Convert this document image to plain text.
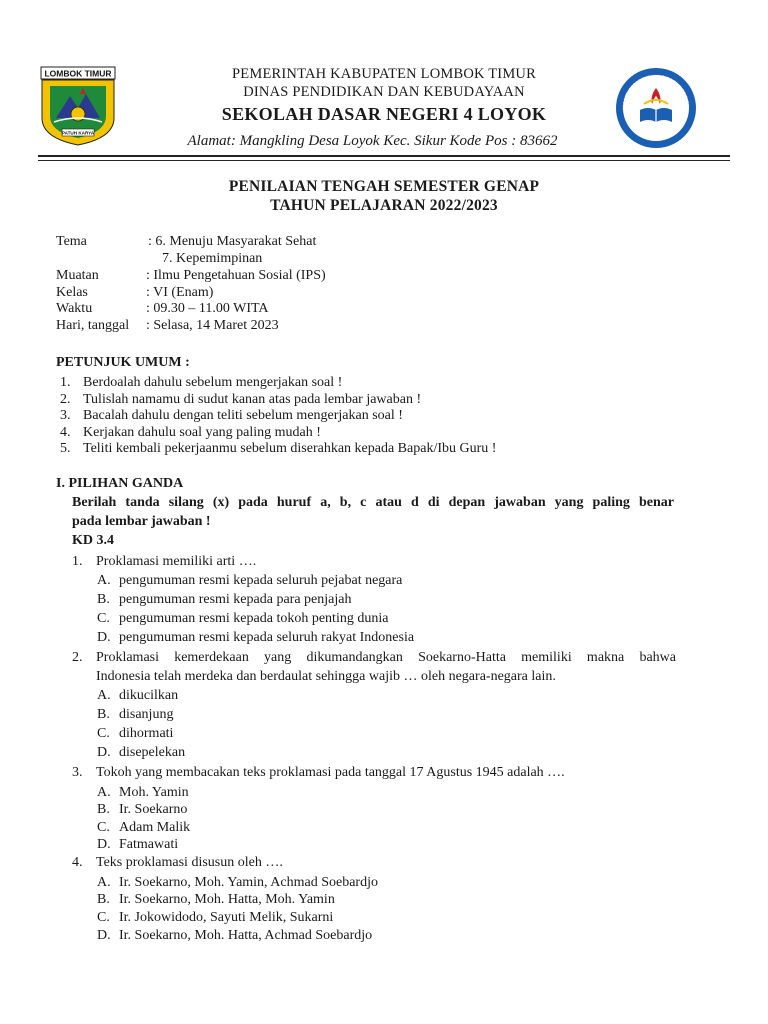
LOMBOK TIMUR
PATUH KARYA
TUT WURI HANDAYAN
PEMERINTAH KABUPATEN LOMBOK TIMUR
DINAS PENDIDIKAN DAN KEBUDAYAAN
SEKOLAH DASAR NEGERI 4 LOYOK
Alamat: Mangkling Desa Loyok Kec. Sikur Kode Pos : 83662
PENILAIAN TENGAH SEMESTER GENAP
TAHUN PELAJARAN 2022/2023
Tema	: 6. Menuju Masyarakat Sehat
7. Kepemimpinan
Muatan	: Ilmu Pengetahuan Sosial (IPS)
Kelas	: VI (Enam)
Waktu	: 09.30 – 11.00 WITA
Hari, tanggal : Selasa, 14 Maret 2023
PETUNJUK UMUM :
1. Berdoalah dahulu sebelum mengerjakan soal !
2. Tulislah namamu di sudut kanan atas pada lembar jawaban !
3. Bacalah dahulu dengan teliti sebelum mengerjakan soal !
4. Kerjakan dahulu soal yang paling mudah !
5. Teliti kembali pekerjaanmu sebelum diserahkan kepada Bapak/Ibu Guru !
I. PILIHAN GANDA
Berilah tanda silang (x) pada huruf a, b, c atau d di depan jawaban yang paling benar
pada lembar jawaban !
KD 3.4
1. Proklamasi memiliki arti ….
A. pengumuman resmi kepada seluruh pejabat negara
B. pengumuman resmi kepada para penjajah
C. pengumuman resmi kepada tokoh penting dunia
D. pengumuman resmi kepada seluruh rakyat Indonesia
2. Proklamasi kemerdekaan yang dikumandangkan Soekarno-Hatta memiliki makna bahwa
Indonesia telah merdeka dan berdaulat sehingga wajib … oleh negara-negara lain.
A. dikucilkan
B. disanjung
C. dihormati
D. disepelekan
3. Tokoh yang membacakan teks proklamasi pada tanggal 17 Agustus 1945 adalah ….
A. Moh. Yamin
B. Ir. Soekarno
C. Adam Malik
D. Fatmawati
4. Teks proklamasi disusun oleh ….
A. Ir. Soekarno, Moh. Yamin, Achmad Soebardjo
B. Ir. Soekarno, Moh. Hatta, Moh. Yamin
C. Ir. Jokowidodo, Sayuti Melik, Sukarni
D. Ir. Soekarno, Moh. Hatta, Achmad Soebardjo
